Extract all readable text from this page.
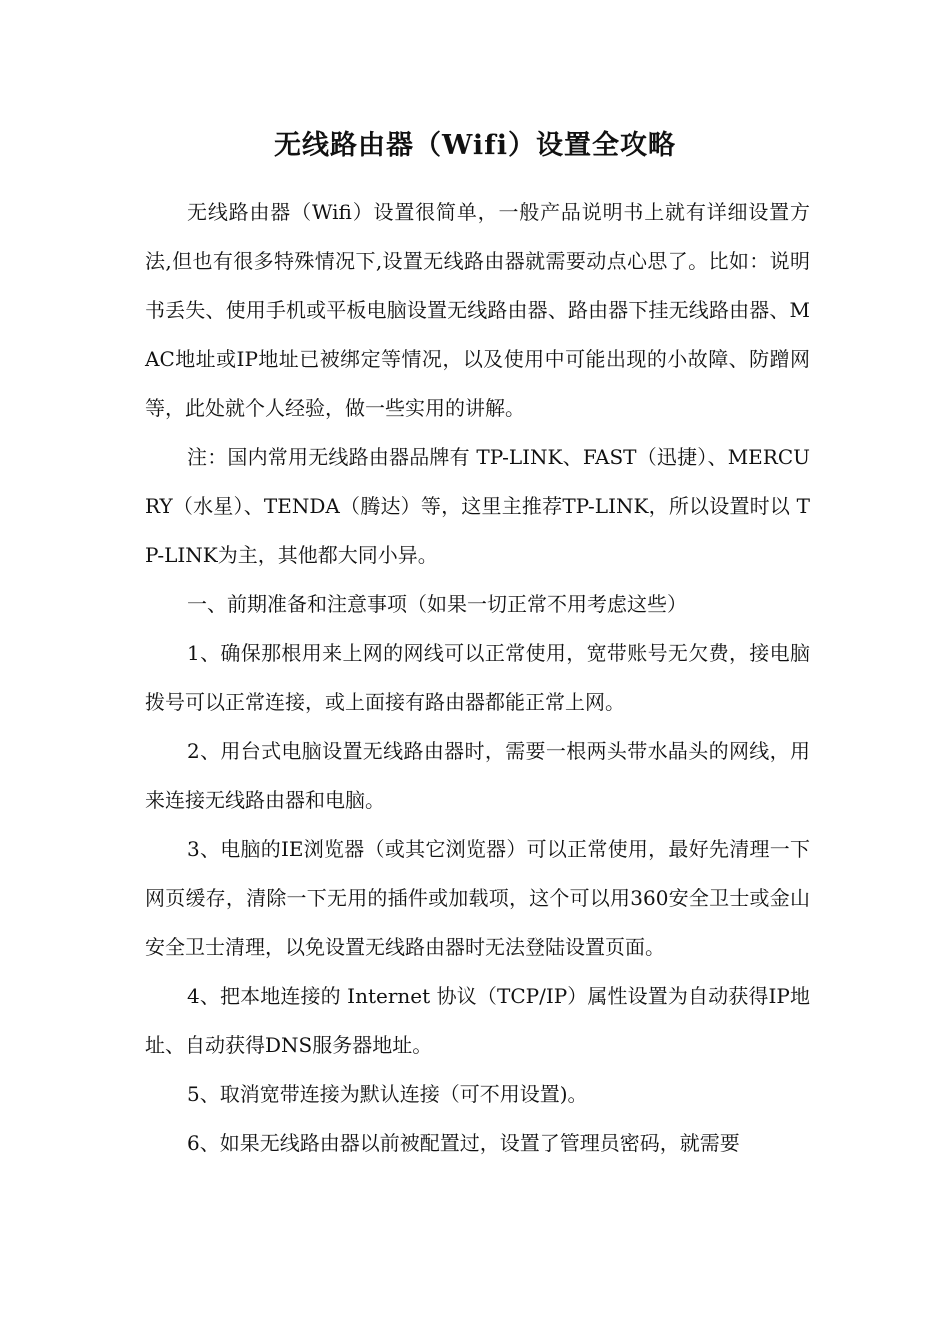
无线路由器（Wifi）设置全攻略

无线路由器（Wifi）设置很简单，一般产品说明书上就有详细设置方法,但也有很多特殊情况下,设置无线路由器就需要动点心思了。比如：说明书丢失、使用手机或平板电脑设置无线路由器、路由器下挂无线路由器、MAC地址或IP地址已被绑定等情况，以及使用中可能出现的小故障、防蹭网等，此处就个人经验，做一些实用的讲解。

注：国内常用无线路由器品牌有 TP-LINK、FAST（迅捷）、MERCURY（水星）、TENDA（腾达）等，这里主推荐TP-LINK，所以设置时以 TP-LINK为主，其他都大同小异。

一、前期准备和注意事项（如果一切正常不用考虑这些）

1、确保那根用来上网的网线可以正常使用，宽带账号无欠费，接电脑拨号可以正常连接，或上面接有路由器都能正常上网。

2、用台式电脑设置无线路由器时，需要一根两头带水晶头的网线，用来连接无线路由器和电脑。

3、电脑的IE浏览器（或其它浏览器）可以正常使用，最好先清理一下网页缓存，清除一下无用的插件或加载项，这个可以用360安全卫士或金山安全卫士清理，以免设置无线路由器时无法登陆设置页面。

4、把本地连接的 Internet 协议（TCP/IP）属性设置为自动获得IP地址、自动获得DNS服务器地址。

5、取消宽带连接为默认连接（可不用设置)。

6、如果无线路由器以前被配置过，设置了管理员密码，就需要
